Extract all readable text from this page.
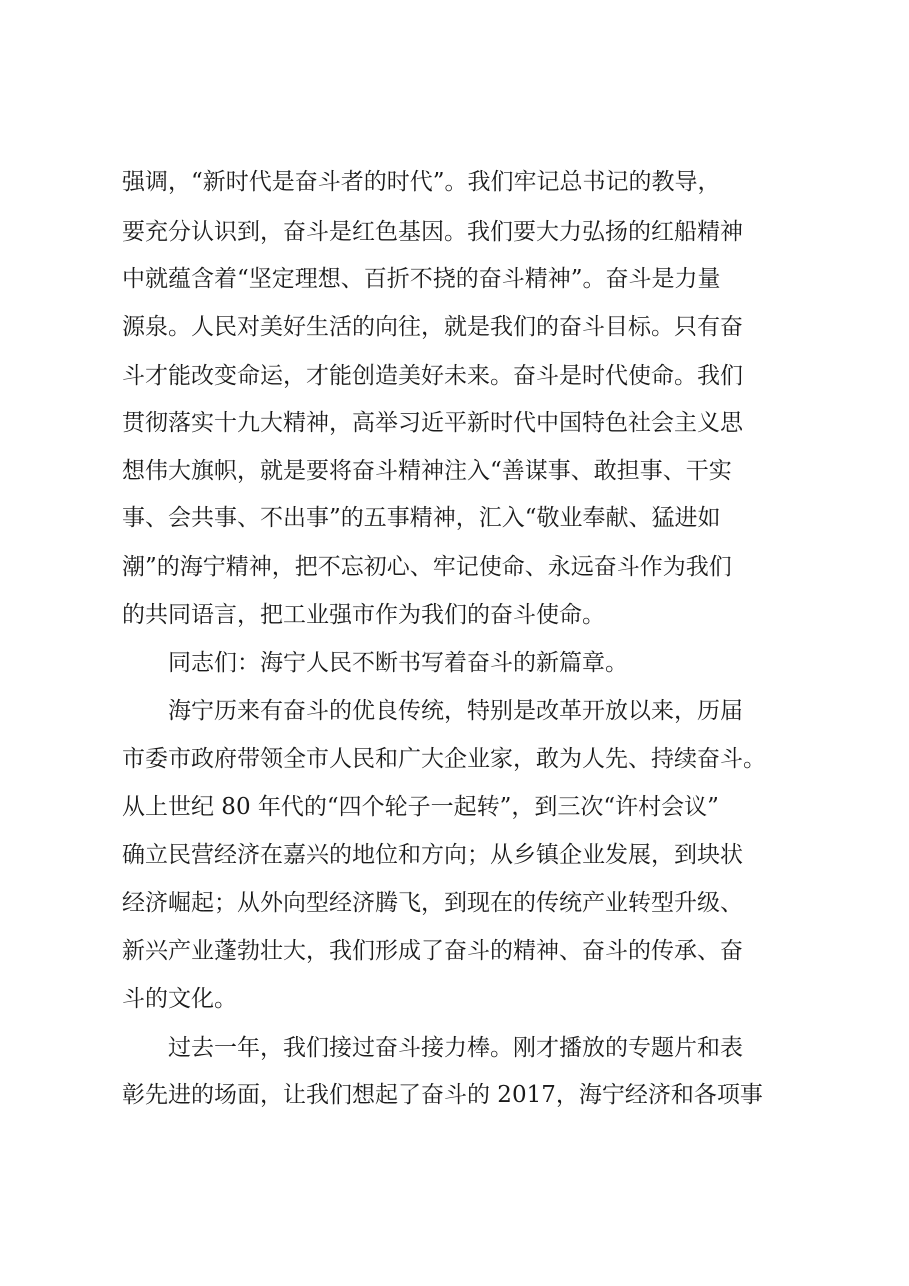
强调，“新时代是奋斗者的时代”。我们牢记总书记的教导，
要充分认识到，奋斗是红色基因。我们要大力弘扬的红船精神
中就蕴含着“坚定理想、百折不挠的奋斗精神”。奋斗是力量
源泉。人民对美好生活的向往，就是我们的奋斗目标。只有奋
斗才能改变命运，才能创造美好未来。奋斗是时代使命。我们
贯彻落实十九大精神，高举习近平新时代中国特色社会主义思
想伟大旗帜，就是要将奋斗精神注入“善谋事、敢担事、干实
事、会共事、不出事”的五事精神，汇入“敬业奉献、猛进如
潮”的海宁精神，把不忘初心、牢记使命、永远奋斗作为我们
的共同语言，把工业强市作为我们的奋斗使命。
同志们：海宁人民不断书写着奋斗的新篇章。
海宁历来有奋斗的优良传统，特别是改革开放以来，历届
市委市政府带领全市人民和广大企业家，敢为人先、持续奋斗。
从上世纪 80 年代的“四个轮子一起转”，到三次“许村会议”
确立民营经济在嘉兴的地位和方向；从乡镇企业发展，到块状
经济崛起；从外向型经济腾飞，到现在的传统产业转型升级、
新兴产业蓬勃壮大，我们形成了奋斗的精神、奋斗的传承、奋
斗的文化。
过去一年，我们接过奋斗接力棒。刚才播放的专题片和表
彰先进的场面，让我们想起了奋斗的 2017，海宁经济和各项事
